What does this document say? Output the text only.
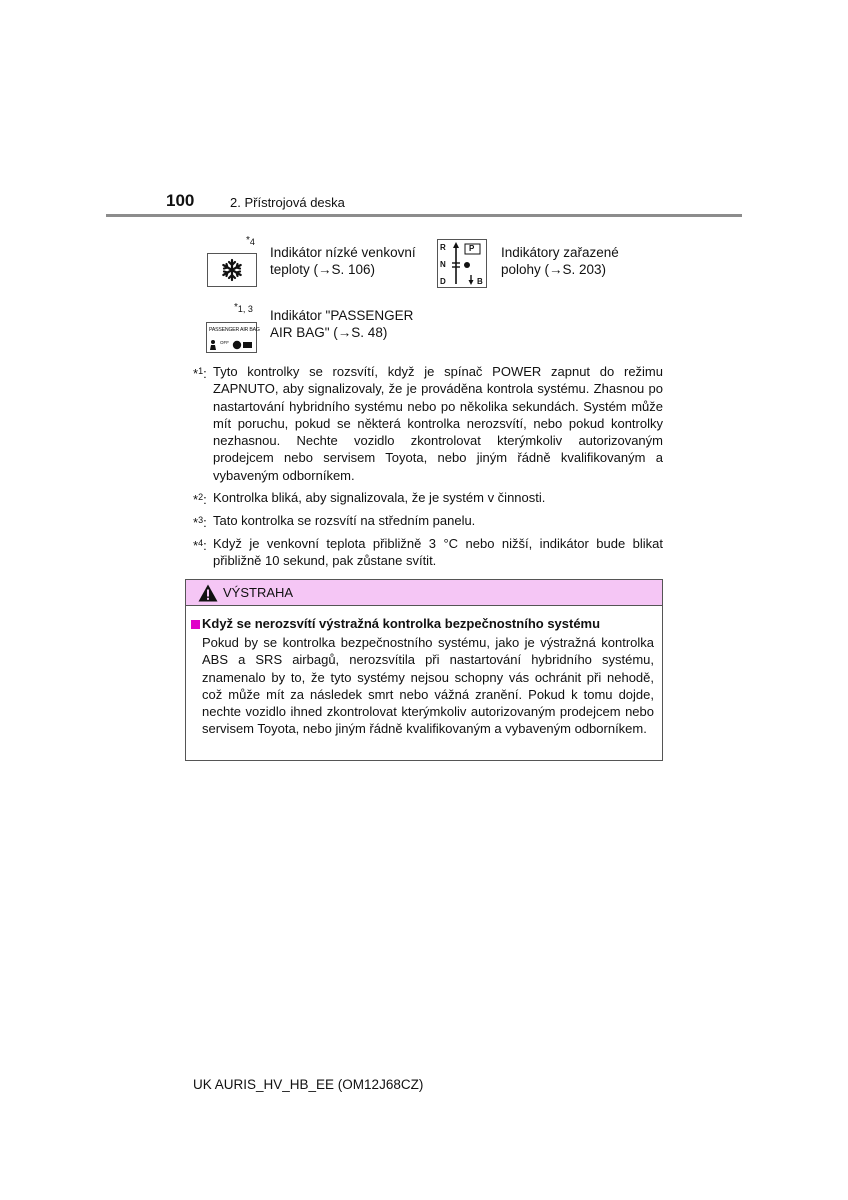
100	2. Přístrojová deska
*4
Indikátor nízké venkovní
teploty (→S. 106)
R
N
D
P
B
Indikátory zařazené
polohy (→S. 203)
*1, 3
PASSENGER AIR BAG
OFF
Indikátor "PASSENGER
AIR BAG" (→S. 48)
*$^1$: Tyto kontrolky se rozsvítí, když je spínač POWER zapnut do režimu ZAPNUTO, aby signalizovaly, že je prováděna kontrola systému. Zhasnou po nastartování hybridního systému nebo po několika sekundách. Systém může mít poruchu, pokud se některá kontrolka nerozsvítí, nebo pokud kontrolky nezhasnou. Nechte vozidlo zkontrolovat kterýmkoliv autorizovaným prodejcem nebo servisem Toyota, nebo jiným řádně kvalifikovaným a vybaveným odborníkem.
*$^2$: Kontrolka bliká, aby signalizovala, že je systém v činnosti.
*$^3$: Tato kontrolka se rozsvítí na středním panelu.
*$^4$: Když je venkovní teplota přibližně 3 °C nebo nižší, indikátor bude blikat přibližně 10 sekund, pak zůstane svítit.
VÝSTRAHA
Když se nerozsvítí výstražná kontrolka bezpečnostního systému
Pokud by se kontrolka bezpečnostního systému, jako je výstražná kontrolka ABS a SRS airbagů, nerozsvítila při nastartování hybridního systému, znamenalo by to, že tyto systémy nejsou schopny vás ochránit při nehodě, což může mít za následek smrt nebo vážná zranění. Pokud k tomu dojde, nechte vozidlo ihned zkontrolovat kterýmkoliv autorizovaným prodejcem nebo servisem Toyota, nebo jiným řádně kvalifikovaným a vybaveným odborníkem.
UK AURIS_HV_HB_EE (OM12J68CZ)
